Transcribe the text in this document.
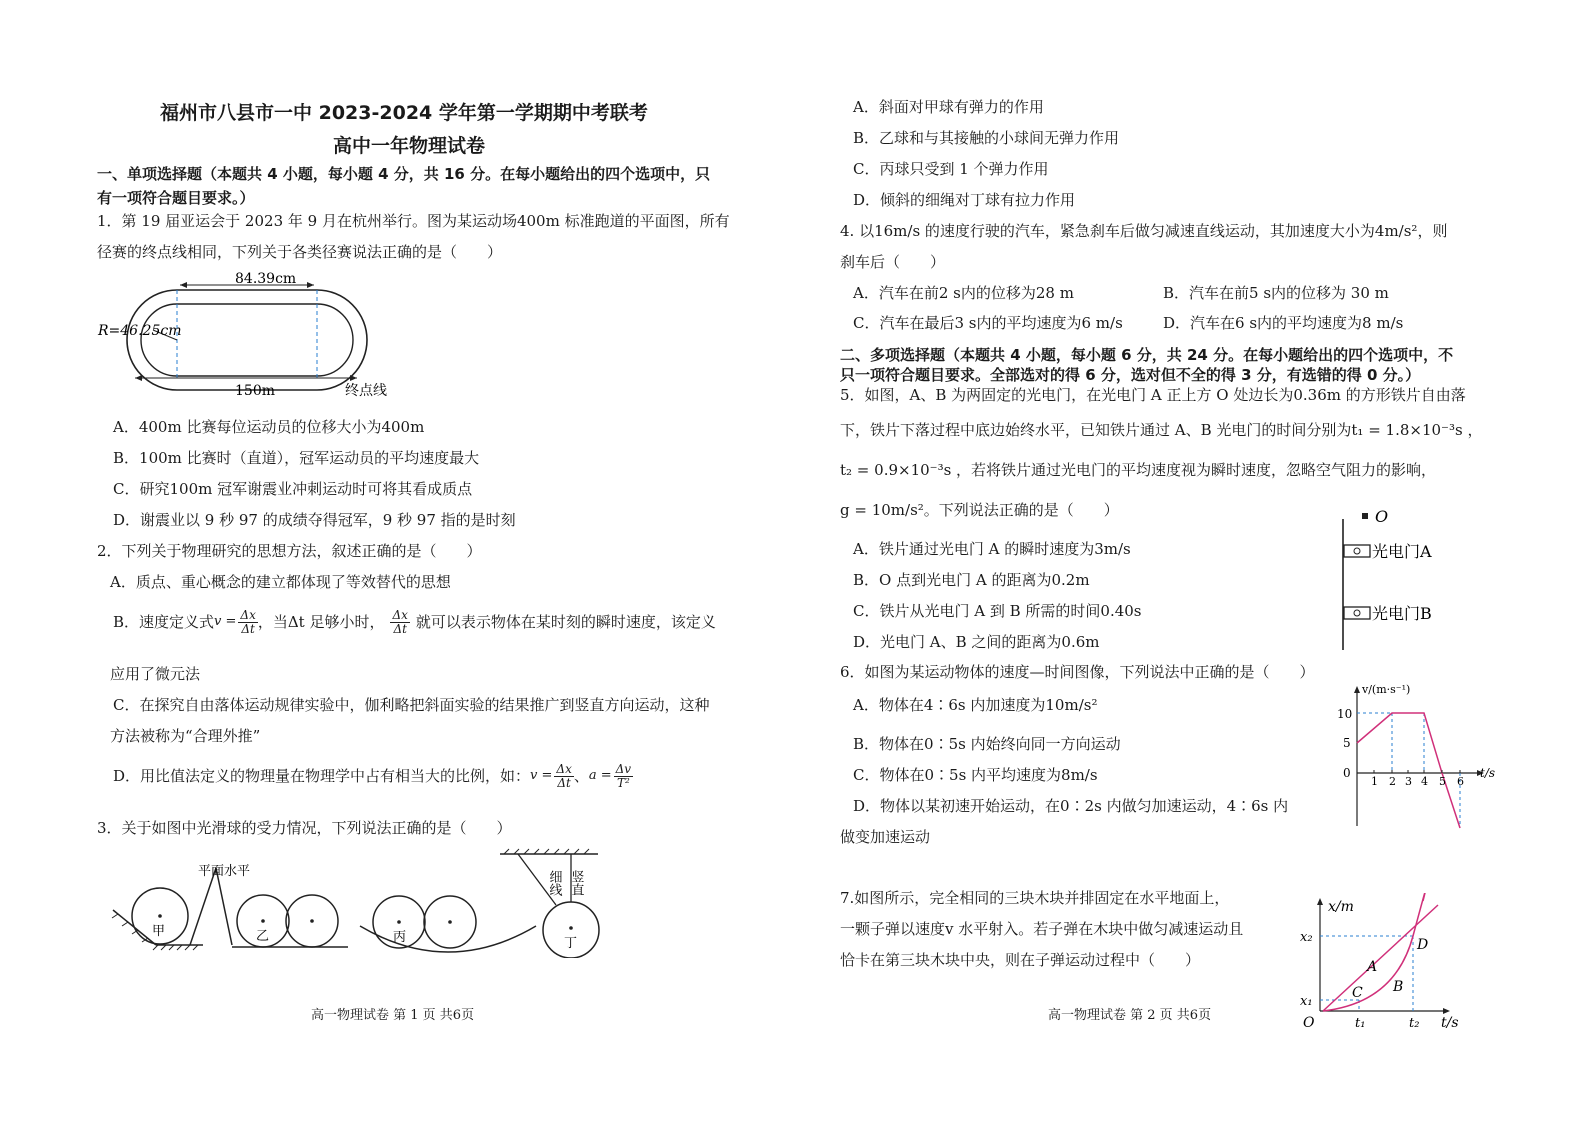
福州市八县市一中 2023-2024 学年第一学期期中考联考
高中一年物理试卷
一、单项选择题（本题共 4 小题，每小题 4 分，共 16 分。在每小题给出的四个选项中，只
有一项符合题目要求。）
1．第 19 届亚运会于 2023 年 9 月在杭州举行。图为某运动场400m 标准跑道的平面图，所有
径赛的终点线相同，下列关于各类径赛说法正确的是（　　）
84.39cm
R=46.25cm
150m	终点线
A．400m 比赛每位运动员的位移大小为400m
B．100m 比赛时（直道），冠军运动员的平均速度最大
C．研究100m 冠军谢震业冲刺运动时可将其看成质点
D．谢震业以 9 秒 97 的成绩夺得冠军，9 秒 97 指的是时刻
2．下列关于物理研究的思想方法，叙述正确的是（　　）
A．质点、重心概念的建立都体现了等效替代的思想
B．速度定义式 $v = \frac{\Delta x}{\Delta t}$ ，当Δt 足够小时， $\frac{\Delta x}{\Delta t}$ 就可以表示物体在某时刻的瞬时速度，该定义
应用了微元法
C．在探究自由落体运动规律实验中，伽利略把斜面实验的结果推广到竖直方向运动，这种
方法被称为“合理外推”
D．用比值法定义的物理量在物理学中占有相当大的比例，如： $v = \frac{\Delta x}{\Delta t}$ 、 $a = \frac{\Delta v}{\text{T²}}$
3．关于如图中光滑球的受力情况，下列说法正确的是（　　）
甲
平面水平
乙	丙	丁
细线 竖直
高一物理试卷 第 1 页 共6页
A．斜面对甲球有弹力的作用
B．乙球和与其接触的小球间无弹力作用
C．丙球只受到 1 个弹力作用
D．倾斜的细绳对丁球有拉力作用
4. 以16m/s 的速度行驶的汽车，紧急刹车后做匀减速直线运动，其加速度大小为4m/s²，则
刹车后（　　）
A．汽车在前2 s内的位移为28 m	B．汽车在前5 s内的位移为 30 m
C．汽车在最后3 s内的平均速度为6 m/s	D．汽车在6 s内的平均速度为8 m/s
二、多项选择题（本题共 4 小题，每小题 6 分，共 24 分。在每小题给出的四个选项中，不
只一项符合题目要求。全部选对的得 6 分，选对但不全的得 3 分，有选错的得 0 分。）
5．如图，A、B 为两固定的光电门，在光电门 A 正上方 O 处边长为0.36m 的方形铁片自由落
下，铁片下落过程中底边始终水平，已知铁片通过 A、B 光电门的时间分别为t₁ = 1.8×10⁻³s ，
t₂ = 0.9×10⁻³s ，若将铁片通过光电门的平均速度视为瞬时速度，忽略空气阻力的影响，
g = 10m/s²。下列说法正确的是（　　）
A．铁片通过光电门 A 的瞬时速度为3m/s
B．O 点到光电门 A 的距离为0.2m
C．铁片从光电门 A 到 B 所需的时间0.40s
D．光电门 A、B 之间的距离为0.6m
O
光电门A
光电门B
6．如图为某运动物体的速度—时间图像，下列说法中正确的是（　　）
A．物体在4∶6s 内加速度为10m/s²
B．物体在0∶5s 内始终向同一方向运动
C．物体在0∶5s 内平均速度为8m/s
D．物体以某初速开始运动，在0∶2s 内做匀加速运动，4∶6s 内
做变加速运动
v/(m·s⁻¹)
t/s
10
5
0
1 2 3 4 5 6
7.如图所示，完全相同的三块木块并排固定在水平地面上，
一颗子弹以速度v 水平射入。若子弹在木块中做匀减速运动且
恰卡在第三块木块中央，则在子弹运动过程中（　　）
x/m
t/s
O
x₂
x₁
t₁	t₂
A
B
C
D
高一物理试卷 第 2 页 共6页
